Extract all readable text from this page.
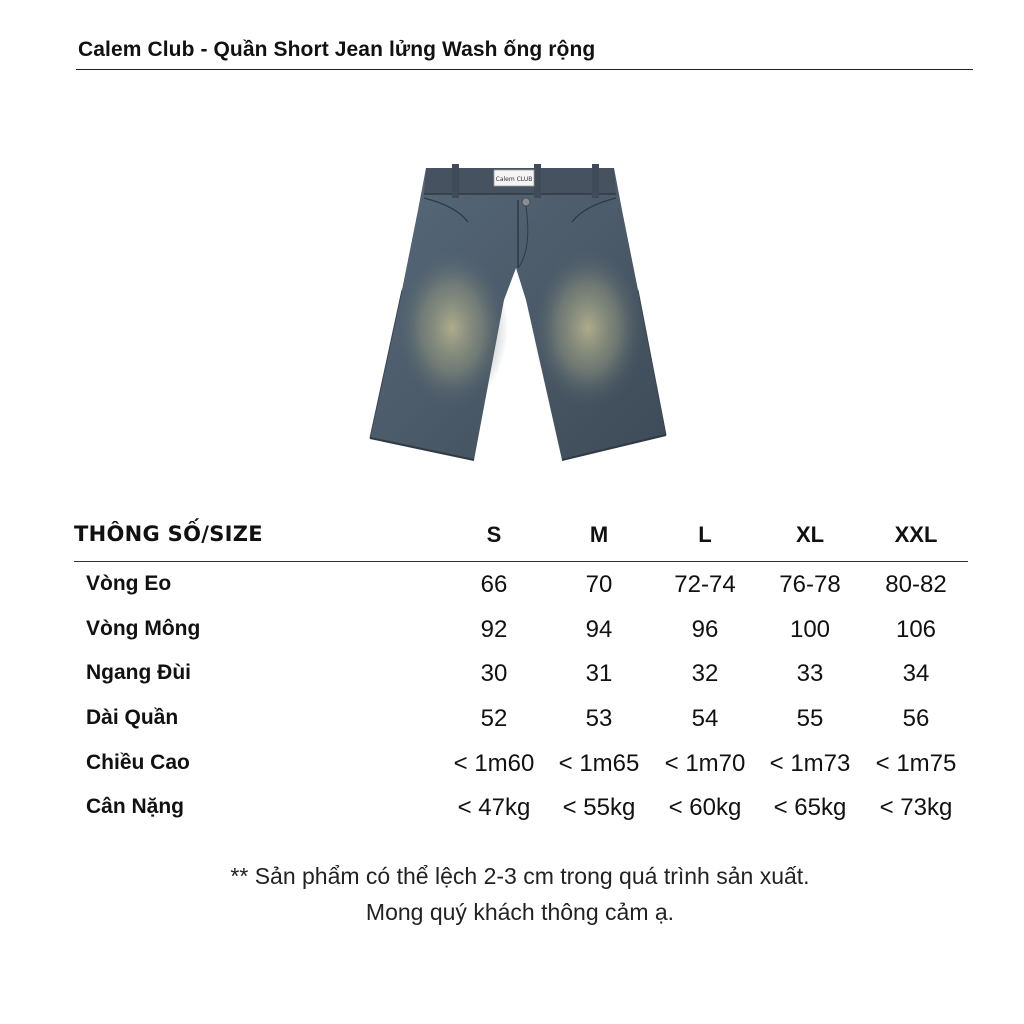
Calem Club - Quần Short Jean lửng Wash ống rộng
Calem CLUB
THÔNG SỐ/SIZE	S	M	L	XL	XXL
Vòng Eo	66	70	72-74	76-78	80-82
Vòng Mông	92	94	96	100	106
Ngang Đùi	30	31	32	33	34
Dài Quần	52	53	54	55	56
Chiều Cao	< 1m60	< 1m65	< 1m70	< 1m73	< 1m75
Cân Nặng	< 47kg	< 55kg	< 60kg	< 65kg	< 73kg
** Sản phẩm có thể lệch 2-3 cm trong quá trình sản xuất.
Mong quý khách thông cảm ạ.
